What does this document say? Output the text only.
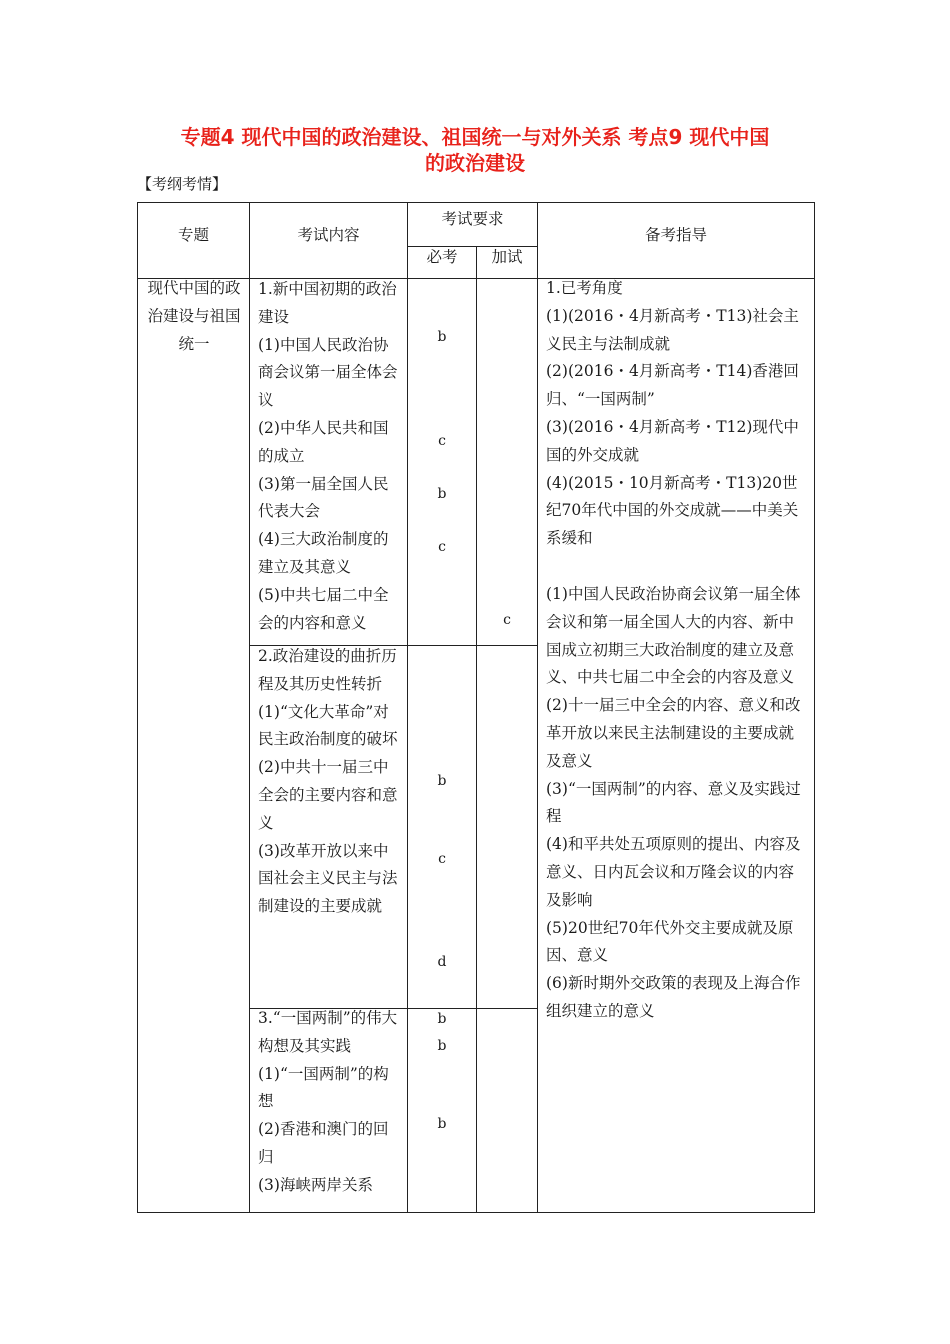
专题4 现代中国的政治建设、祖国统一与对外关系 考点9 现代中国
的政治建设
【考纲考情】
专题	考试内容
考试要求
必考	加试
备考指导
现代中国的政治建设与祖国统一
1.新中国初期的政治建设
(1)中国人民政治协商会议第一届全体会议
(2)中华人民共和国的成立
(3)第一届全国人民代表大会
(4)三大政治制度的建立及其意义
(5)中共七届二中全会的内容和意义
2.政治建设的曲折历程及其历史性转折
(1)“文化大革命”对民主政治制度的破坏
(2)中共十一届三中全会的主要内容和意义
(3)改革开放以来中国社会主义民主与法制建设的主要成就
3.“一国两制”的伟大构想及其实践
(1)“一国两制”的构想
(2)香港和澳门的回归
(3)海峡两岸关系
b
c
b
c
c
b
c
d
b
b
b
1.已考角度
(1)(2016・4月新高考・T13)社会主义民主与法制成就
(2)(2016・4月新高考・T14)香港回归、“一国两制”
(3)(2016・4月新高考・T12)现代中国的外交成就
(4)(2015・10月新高考・T13)20世纪70年代中国的外交成就——中美关系缓和
(1)中国人民政治协商会议第一届全体会议和第一届全国人大的内容、新中国成立初期三大政治制度的建立及意义、中共七届二中全会的内容及意义
(2)十一届三中全会的内容、意义和改革开放以来民主法制建设的主要成就及意义
(3)“一国两制”的内容、意义及实践过程
(4)和平共处五项原则的提出、内容及意义、日内瓦会议和万隆会议的内容及影响
(5)20世纪70年代外交主要成就及原因、意义
(6)新时期外交政策的表现及上海合作组织建立的意义
